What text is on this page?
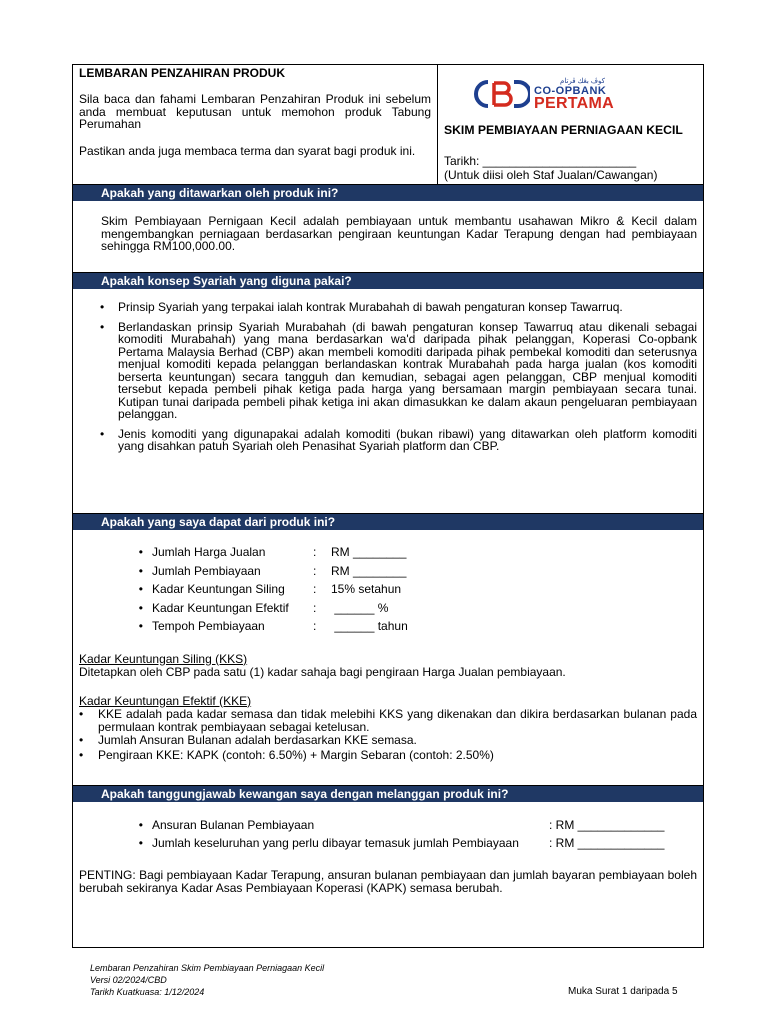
LEMBARAN PENZAHIRAN PRODUK

Sila baca dan fahami Lembaran Penzahiran Produk ini sebelum anda membuat keputusan untuk memohon produk Tabung Perumahan

Pastikan anda juga membaca terma dan syarat bagi produk ini.

كوڤ بڠك ڤرتام
CO-OPBANK
PERTAMA
SKIM PEMBIAYAAN PERNIAGAAN KECIL
Tarikh: _______________________
(Untuk diisi oleh Staf Jualan/Cawangan)
Apakah yang ditawarkan oleh produk ini?

Skim Pembiayaan Pernigaan Kecil adalah pembiayaan untuk membantu usahawan Mikro & Kecil dalam mengembangkan perniagaan berdasarkan pengiraan keuntungan Kadar Terapung dengan had pembiayaan sehingga RM100,000.00.

Apakah konsep Syariah yang diguna pakai?
• Prinsip Syariah yang terpakai ialah kontrak Murabahah di bawah pengaturan konsep Tawarruq.
• Berlandaskan prinsip Syariah Murabahah (di bawah pengaturan konsep Tawarruq atau dikenali sebagai komoditi Murabahah) yang mana berdasarkan wa'd daripada pihak pelanggan, Koperasi Co-opbank Pertama Malaysia Berhad (CBP) akan membeli komoditi daripada pihak pembekal komoditi dan seterusnya menjual komoditi kepada pelanggan berlandaskan kontrak Murabahah pada harga jualan (kos komoditi berserta keuntungan) secara tangguh dan kemudian, sebagai agen pelanggan, CBP menjual komoditi tersebut kepada pembeli pihak ketiga pada harga yang bersamaan margin pembiayaan secara tunai. Kutipan tunai daripada pembeli pihak ketiga ini akan dimasukkan ke dalam akaun pengeluaran pembiayaan pelanggan.
• Jenis komoditi yang digunapakai adalah komoditi (bukan ribawi) yang ditawarkan oleh platform komoditi yang disahkan patuh Syariah oleh Penasihat Syariah platform dan CBP.
Apakah yang saya dapat dari produk ini?
• Jumlah Harga Jualan	:	RM ________
• Jumlah Pembiayaan	:	RM ________
• Kadar Keuntungan Siling	:	15% setahun
• Kadar Keuntungan Efektif	:	______ %
• Tempoh Pembiayaan	:	______ tahun
Kadar Keuntungan Siling (KKS)
Ditetapkan oleh CBP pada satu (1) kadar sahaja bagi pengiraan Harga Jualan pembiayaan.
Kadar Keuntungan Efektif (KKE)
• KKE adalah pada kadar semasa dan tidak melebihi KKS yang dikenakan dan dikira berdasarkan bulanan pada permulaan kontrak pembiayaan sebagai ketelusan.
• Jumlah Ansuran Bulanan adalah berdasarkan KKE semasa.
• Pengiraan KKE: KAPK (contoh: 6.50%) + Margin Sebaran (contoh: 2.50%)
Apakah tanggungjawab kewangan saya dengan melanggan produk ini?
• Ansuran Bulanan Pembiayaan	: RM _____________
• Jumlah keseluruhan yang perlu dibayar temasuk jumlah Pembiayaan	: RM _____________

PENTING: Bagi pembiayaan Kadar Terapung, ansuran bulanan pembiayaan dan jumlah bayaran pembiayaan boleh berubah sekiranya Kadar Asas Pembiayaan Koperasi (KAPK) semasa berubah.

Lembaran Penzahiran Skim Pembiayaan Perniagaan Kecil
Versi 02/2024/CBD
Tarikh Kuatkuasa: 1/12/2024	Muka Surat 1 daripada 5
